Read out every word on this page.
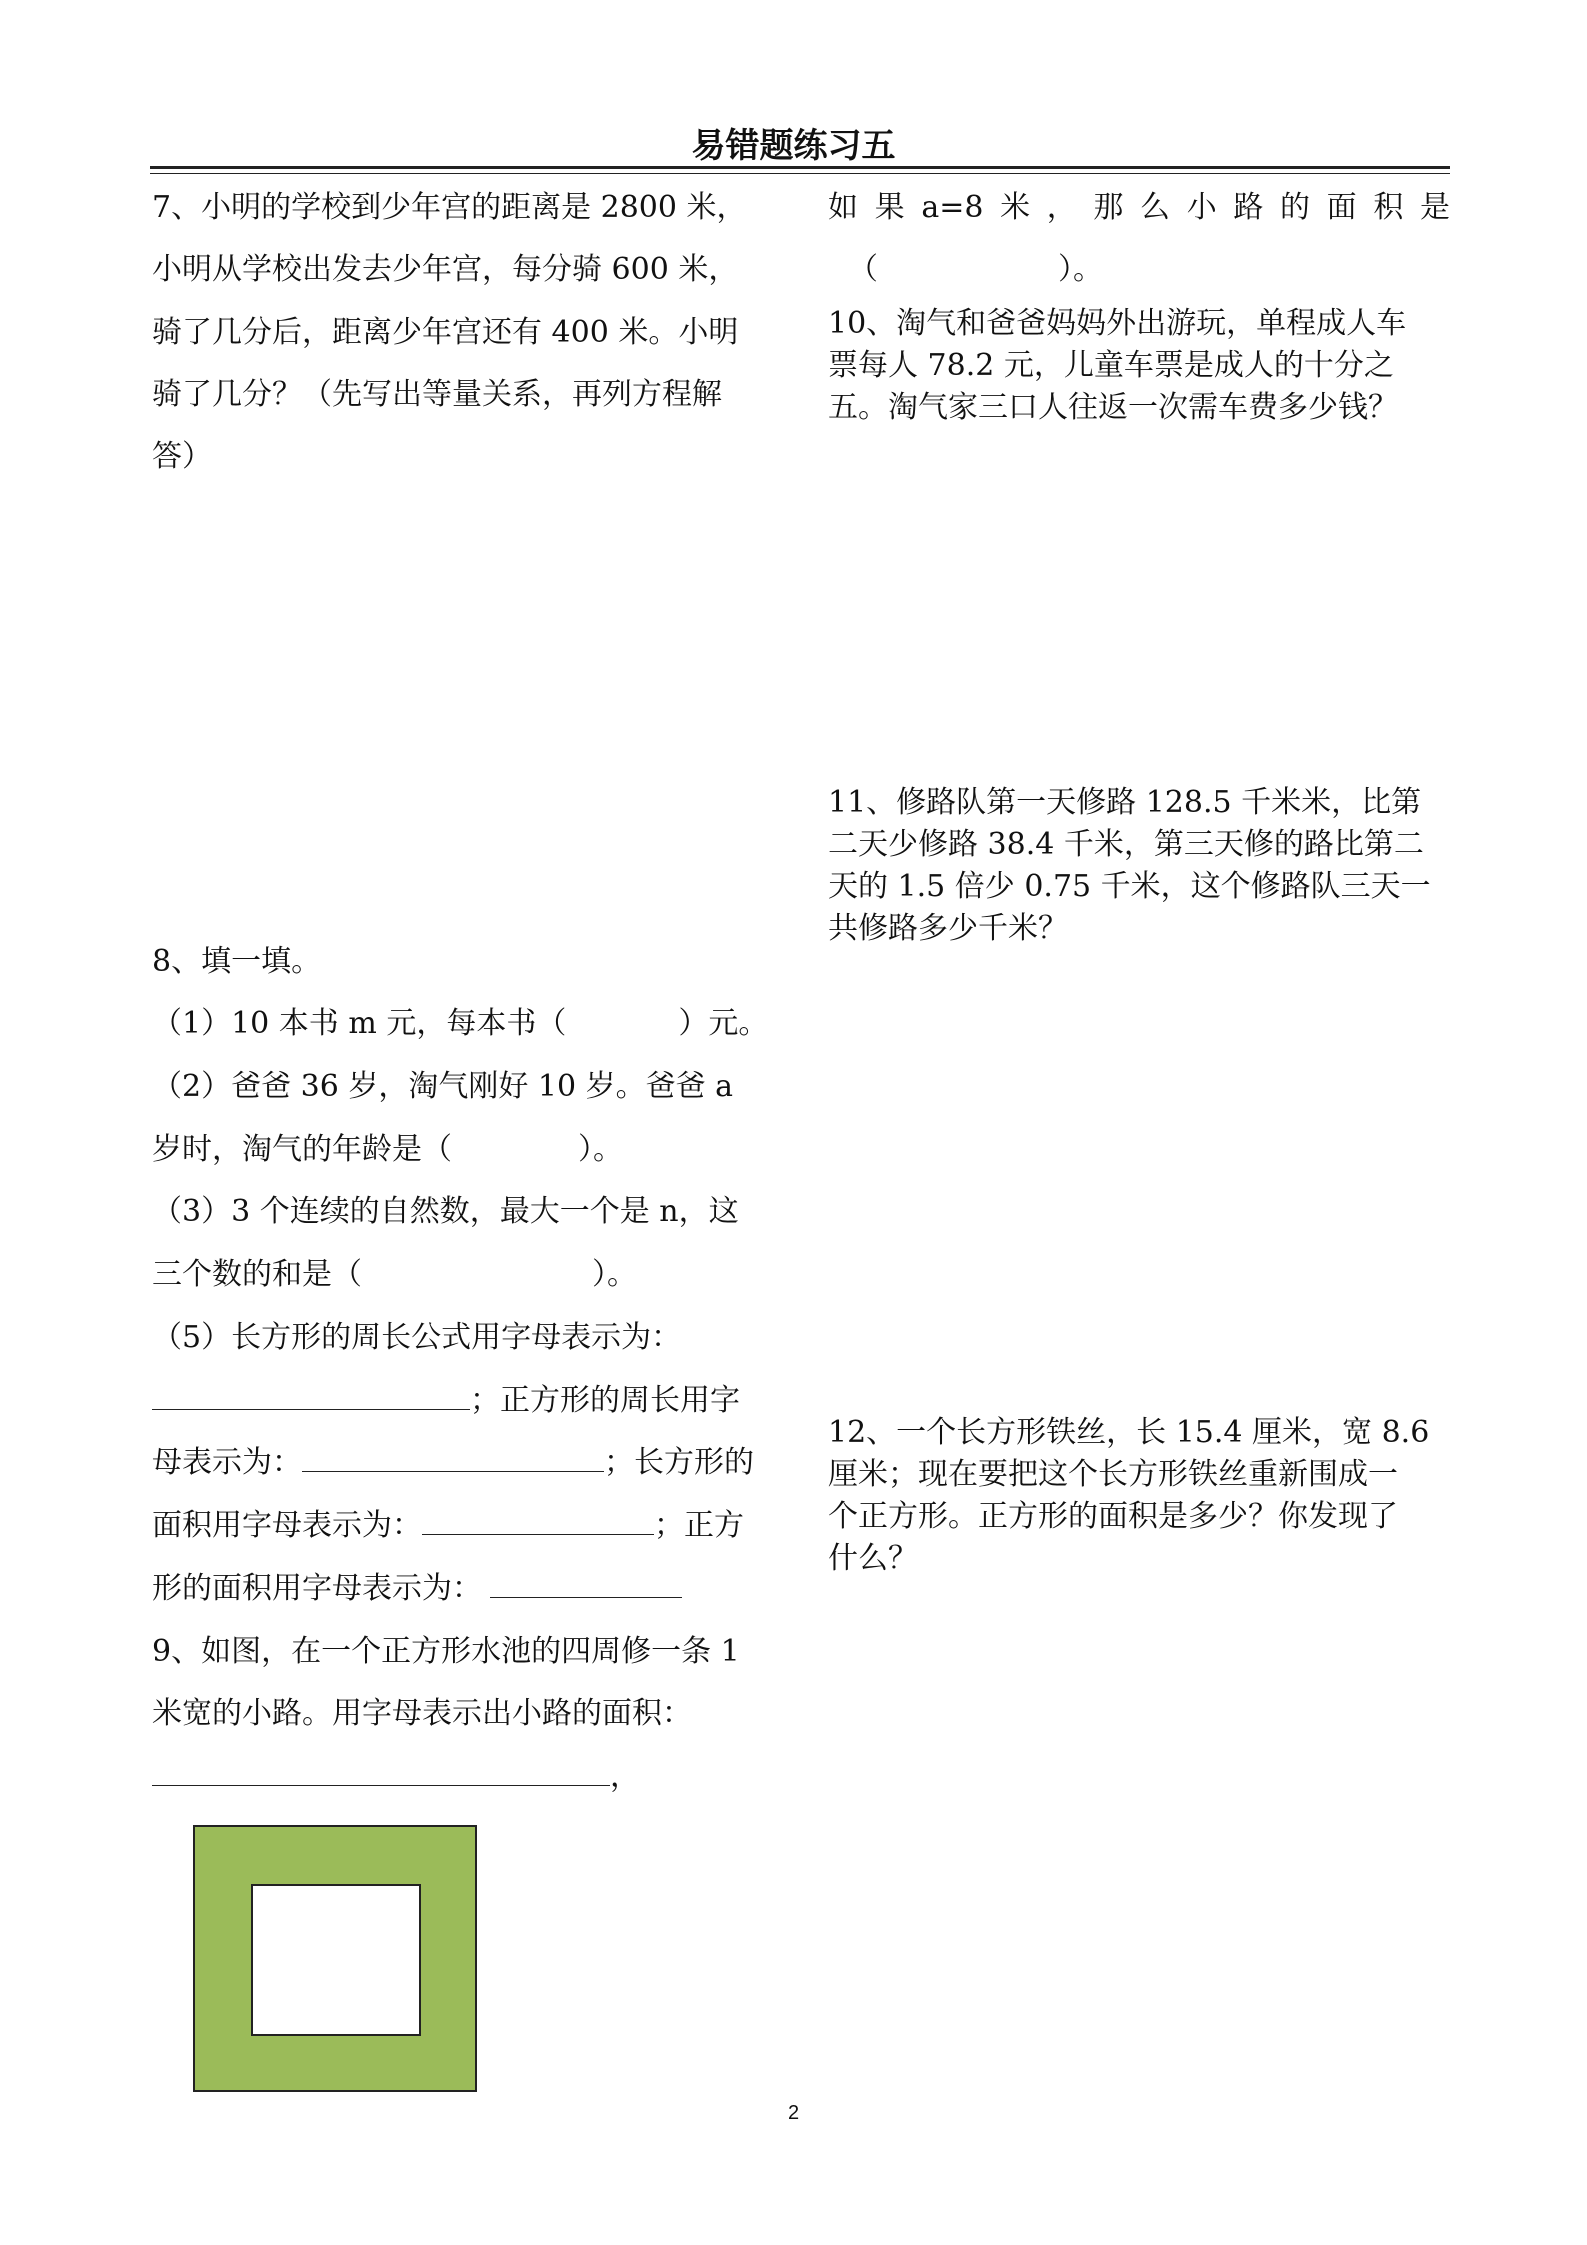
易错题练习五
7、小明的学校到少年宫的距离是 2800 米，
小明从学校出发去少年宫，每分骑 600 米，
骑了几分后，距离少年宫还有 400 米。小明
骑了几分？（先写出等量关系，再列方程解
答）
8、填一填。
（1）10 本书 m 元，每本书（	）元。
（2）爸爸 36 岁，淘气刚好 10 岁。爸爸 a
岁时，淘气的年龄是（	）。
（3）3 个连续的自然数，最大一个是 n，这
三个数的和是（	）。
（5）长方形的周长公式用字母表示为：
；正方形的周长用字
母表示为：	；长方形的
面积用字母表示为：	；正方
形的面积用字母表示为：
9、如图，在一个正方形水池的四周修一条 1
米宽的小路。用字母表示出小路的面积：
，
如 果 a=8 米 ， 那 么 小 路 的 面 积 是
（	）。
10、淘气和爸爸妈妈外出游玩，单程成人车
票每人 78.2 元，儿童车票是成人的十分之
五。淘气家三口人往返一次需车费多少钱？
11、修路队第一天修路 128.5 千米米，比第
二天少修路 38.4 千米，第三天修的路比第二
天的 1.5 倍少 0.75 千米，这个修路队三天一
共修路多少千米？
12、一个长方形铁丝，长 15.4 厘米，宽 8.6
厘米；现在要把这个长方形铁丝重新围成一
个正方形。正方形的面积是多少？你发现了
什么？
2
